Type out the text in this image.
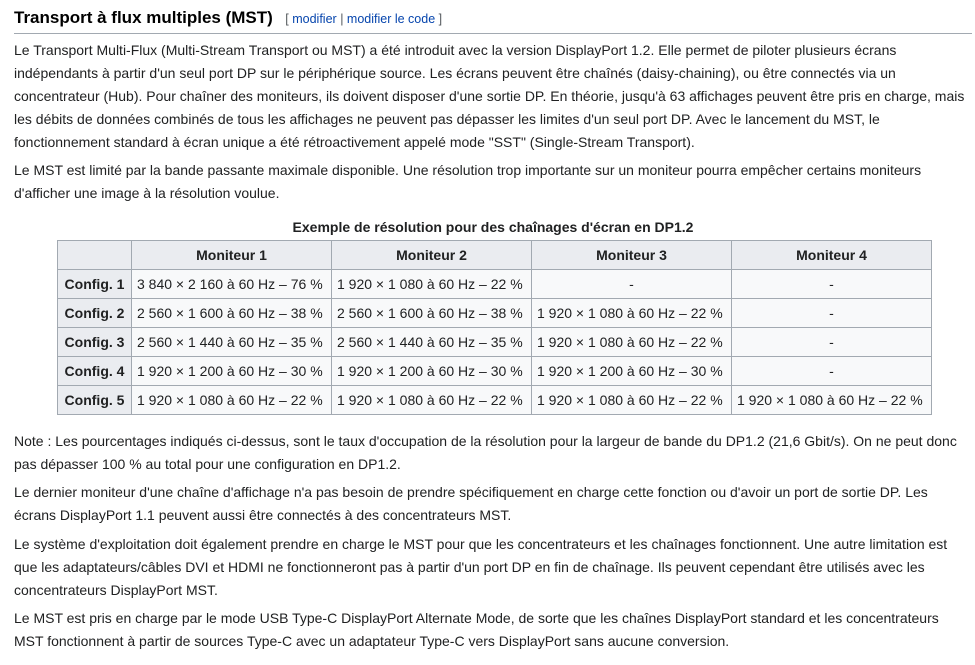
Transport à flux multiples (MST) [ modifier | modifier le code ]

Le Transport Multi-Flux (Multi-Stream Transport ou MST) a été introduit avec la version DisplayPort 1.2. Elle permet de piloter plusieurs écrans indépendants à partir d'un seul port DP sur le périphérique source. Les écrans peuvent être chaînés (daisy-chaining), ou être connectés via un concentrateur (Hub). Pour chaîner des moniteurs, ils doivent disposer d'une sortie DP. En théorie, jusqu'à 63 affichages peuvent être pris en charge, mais les débits de données combinés de tous les affichages ne peuvent pas dépasser les limites d'un seul port DP. Avec le lancement du MST, le fonctionnement standard à écran unique a été rétroactivement appelé mode "SST" (Single-Stream Transport).

Le MST est limité par la bande passante maximale disponible. Une résolution trop importante sur un moniteur pourra empêcher certains moniteurs d'afficher une image à la résolution voulue.

Exemple de résolution pour des chaînages d'écran en DP1.2
	Moniteur 1	Moniteur 2	Moniteur 3	Moniteur 4
Config. 1	3 840 × 2 160 à 60 Hz – 76 %	1 920 × 1 080 à 60 Hz – 22 %	-	-
Config. 2	2 560 × 1 600 à 60 Hz – 38 %	2 560 × 1 600 à 60 Hz – 38 %	1 920 × 1 080 à 60 Hz – 22 %	-
Config. 3	2 560 × 1 440 à 60 Hz – 35 %	2 560 × 1 440 à 60 Hz – 35 %	1 920 × 1 080 à 60 Hz – 22 %	-
Config. 4	1 920 × 1 200 à 60 Hz – 30 %	1 920 × 1 200 à 60 Hz – 30 %	1 920 × 1 200 à 60 Hz – 30 %	-
Config. 5	1 920 × 1 080 à 60 Hz – 22 %	1 920 × 1 080 à 60 Hz – 22 %	1 920 × 1 080 à 60 Hz – 22 %	1 920 × 1 080 à 60 Hz – 22 %

Note : Les pourcentages indiqués ci-dessus, sont le taux d'occupation de la résolution pour la largeur de bande du DP1.2 (21,6 Gbit/s). On ne peut donc pas dépasser 100 % au total pour une configuration en DP1.2.

Le dernier moniteur d'une chaîne d'affichage n'a pas besoin de prendre spécifiquement en charge cette fonction ou d'avoir un port de sortie DP. Les écrans DisplayPort 1.1 peuvent aussi être connectés à des concentrateurs MST.

Le système d'exploitation doit également prendre en charge le MST pour que les concentrateurs et les chaînages fonctionnent. Une autre limitation est que les adaptateurs/câbles DVI et HDMI ne fonctionneront pas à partir d'un port DP en fin de chaînage. Ils peuvent cependant être utilisés avec les concentrateurs DisplayPort MST.

Le MST est pris en charge par le mode USB Type-C DisplayPort Alternate Mode, de sorte que les chaînes DisplayPort standard et les concentrateurs MST fonctionnent à partir de sources Type-C avec un adaptateur Type-C vers DisplayPort sans aucune conversion.
